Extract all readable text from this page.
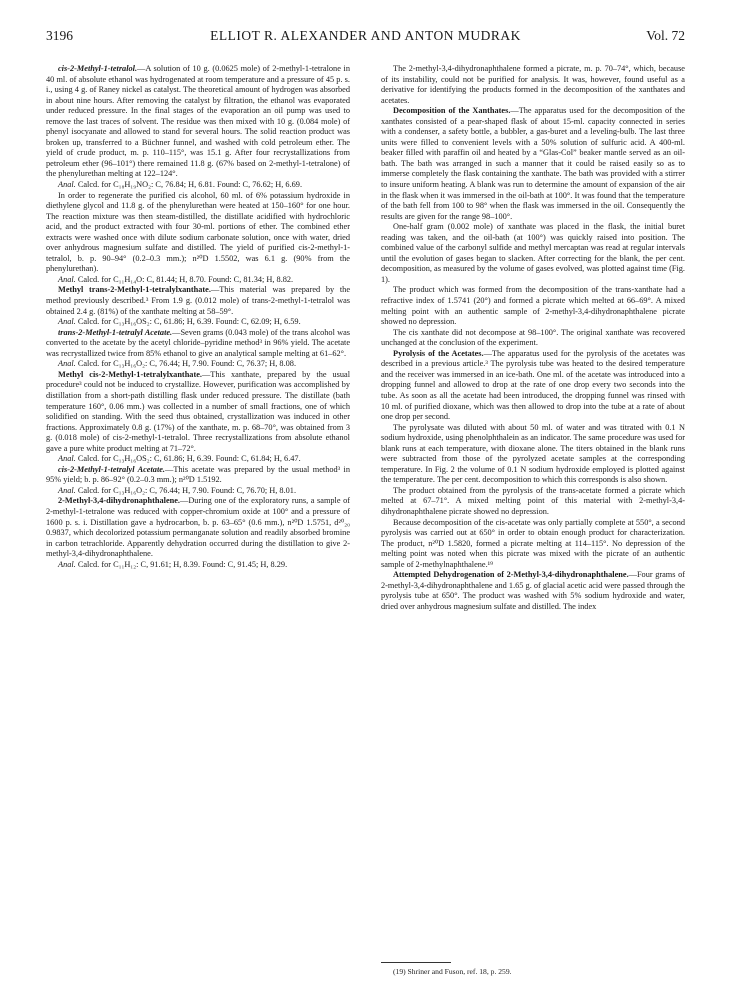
3196	ELLIOT R. ALEXANDER AND ANTON MUDRAK	Vol. 72

cis-2-Methyl-1-tetralol.—A solution of 10 g. (0.0625 mole) of 2-methyl-1-tetralone in 40 ml. of absolute ethanol was hydrogenated at room temperature and a pressure of 45 p. s. i., using 4 g. of Raney nickel as catalyst. The theoretical amount of hydrogen was absorbed in about nine hours. After removing the catalyst by filtration, the ethanol was evaporated under reduced pressure. In the final stages of the evaporation an oil pump was used to remove the last traces of solvent. The residue was then mixed with 10 g. (0.084 mole) of phenyl isocyanate and allowed to stand for several hours. The solid reaction product was broken up, transferred to a Büchner funnel, and washed with cold petroleum ether. The yield of crude product, m. p. 110–115°, was 15.1 g. After four recrystallizations from petroleum ether (96–101°) there remained 11.8 g. (67% based on 2-methyl-1-tetralone) of the phenylurethan melting at 122–124°.

Anal. Calcd. for C₁₈H₁₉NO₂: C, 76.84; H, 6.81. Found: C, 76.62; H, 6.69.

In order to regenerate the purified cis alcohol, 60 ml. of 6% potassium hydroxide in diethylene glycol and 11.8 g. of the phenylurethan were heated at 150–160° for one hour. The reaction mixture was then steam-distilled, the distillate acidified with hydrochloric acid, and the product extracted with four 30-ml. portions of ether. The combined ether extracts were washed once with dilute sodium carbonate solution, once with water, dried over anhydrous magnesium sulfate and distilled. The yield of purified cis-2-methyl-1-tetralol, b. p. 90–94° (0.2–0.3 mm.); n²⁰D 1.5502, was 6.1 g. (90% from the phenylurethan).

Anal. Calcd. for C₁₁H₁₄O: C, 81.44; H, 8.70. Found: C, 81.34; H, 8.82.

Methyl trans-2-Methyl-1-tetralylxanthate.—This material was prepared by the method previously described.³ From 1.9 g. (0.012 mole) of trans-2-methyl-1-tetralol was obtained 2.4 g. (81%) of the xanthate melting at 58–59°.

Anal. Calcd. for C₁₃H₁₆OS₂: C, 61.86; H, 6.39. Found: C, 62.09; H, 6.59.

trans-2-Methyl-1-tetralyl Acetate.—Seven grams (0.043 mole) of the trans alcohol was converted to the acetate by the acetyl chloride–pyridine method³ in 96% yield. The acetate was recrystallized twice from 85% ethanol to give an analytical sample melting at 61–62°.

Anal. Calcd. for C₁₃H₁₆O₂: C, 76.44; H, 7.90. Found: C, 76.37; H, 8.08.

Methyl cis-2-Methyl-1-tetralylxanthate.—This xanthate, prepared by the usual procedure³ could not be induced to crystallize. However, purification was accomplished by distillation from a short-path distilling flask under reduced pressure. The distillate (bath temperature 160°, 0.06 mm.) was collected in a number of small fractions, one of which solidified on standing. With the seed thus obtained, crystallization was induced in other fractions. Approximately 0.8 g. (17%) of the xanthate, m. p. 68–70°, was obtained from 3 g. (0.018 mole) of cis-2-methyl-1-tetralol. Three recrystallizations from absolute ethanol gave a pure white product melting at 71–72°.

Anal. Calcd. for C₁₃H₁₆OS₂: C, 61.86; H, 6.39. Found: C, 61.84; H, 6.47.

cis-2-Methyl-1-tetralyl Acetate.—This acetate was prepared by the usual method³ in 95% yield; b. p. 86–92° (0.2–0.3 mm.); n²⁰D 1.5192.

Anal. Calcd. for C₁₃H₁₆O₂: C, 76.44; H, 7.90. Found: C, 76.70; H, 8.01.

2-Methyl-3,4-dihydronaphthalene.—During one of the exploratory runs, a sample of 2-methyl-1-tetralone was reduced with copper-chromium oxide at 100° and a pressure of 1600 p. s. i. Distillation gave a hydrocarbon, b. p. 63–65° (0.6 mm.), n²⁰D 1.5751, d²⁰₂₀ 0.9837, which decolorized potassium permanganate solution and readily absorbed bromine in carbon tetrachloride. Apparently dehydration occurred during the distillation to give 2-methyl-3,4-dihydronaphthalene.

Anal. Calcd. for C₁₁H₁₂: C, 91.61; H, 8.39. Found: C, 91.45; H, 8.29.

The 2-methyl-3,4-dihydronaphthalene formed a picrate, m. p. 70–74°, which, because of its instability, could not be purified for analysis. It was, however, found useful as a derivative for identifying the products formed in the decomposition of the xanthates and acetates.

Decomposition of the Xanthates.—The apparatus used for the decomposition of the xanthates consisted of a pear-shaped flask of about 15-ml. capacity connected in series with a condenser, a safety bottle, a bubbler, a gas-buret and a leveling-bulb. The last three units were filled to convenient levels with a 50% solution of sulfuric acid. A 400-ml. beaker filled with paraffin oil and heated by a “Glas-Col” beaker mantle served as an oil-bath. The bath was arranged in such a manner that it could be raised easily so as to immerse completely the flask containing the xanthate. The bath was provided with a stirrer to insure uniform heating. A blank was run to determine the amount of expansion of the air in the flask when it was immersed in the oil-bath at 100°. It was found that the temperature of the bath fell from 100 to 98° when the flask was immersed in the oil. Consequently the results are given for the range 98–100°.

One-half gram (0.002 mole) of xanthate was placed in the flask, the initial buret reading was taken, and the oil-bath (at 100°) was quickly raised into position. The combined value of the carbonyl sulfide and methyl mercaptan was read at regular intervals until the evolution of gases began to slacken. After correcting for the blank, the per cent. decomposition, as measured by the volume of gases evolved, was plotted against time (Fig. 1).

The product which was formed from the decomposition of the trans-xanthate had a refractive index of 1.5741 (20°) and formed a picrate which melted at 66–69°. A mixed melting point with an authentic sample of 2-methyl-3,4-dihydronaphthalene picrate showed no depression.

The cis xanthate did not decompose at 98–100°. The original xanthate was recovered unchanged at the conclusion of the experiment.

Pyrolysis of the Acetates.—The apparatus used for the pyrolysis of the acetates was described in a previous article.³ The pyrolysis tube was heated to the desired temperature and the receiver was immersed in an ice-bath. One ml. of the acetate was introduced into a dropping funnel and allowed to drop at the rate of one drop every two seconds into the tube. As soon as all the acetate had been introduced, the dropping funnel was rinsed with 10 ml. of purified dioxane, which was then allowed to drop into the tube at a rate of about one drop per second.

The pyrolysate was diluted with about 50 ml. of water and was titrated with 0.1 N sodium hydroxide, using phenolphthalein as an indicator. The same procedure was used for blank runs at each temperature, with dioxane alone. The titers obtained in the blank runs were subtracted from those of the pyrolyzed acetate samples at the corresponding temperature. In Fig. 2 the volume of 0.1 N sodium hydroxide employed is plotted against the temperature. The per cent. decomposition to which this corresponds is also shown.

The product obtained from the pyrolysis of the trans-acetate formed a picrate which melted at 67–71°. A mixed melting point of this material with 2-methyl-3,4-dihydronaphthalene picrate showed no depression.

Because decomposition of the cis-acetate was only partially complete at 550°, a second pyrolysis was carried out at 650° in order to obtain enough product for characterization. The product, n²⁰D 1.5820, formed a picrate melting at 114–115°. No depression of the melting point was noted when this picrate was mixed with the picrate of an authentic sample of 2-methylnaphthalene.¹⁹

Attempted Dehydrogenation of 2-Methyl-3,4-dihydronaphthalene.—Four grams of 2-methyl-3,4-dihydronaphthalene and 1.65 g. of glacial acetic acid were passed through the pyrolysis tube at 650°. The product was washed with 5% sodium hydroxide and water, dried over anhydrous magnesium sulfate and distilled. The index

(19) Shriner and Fuson, ref. 18, p. 259.
